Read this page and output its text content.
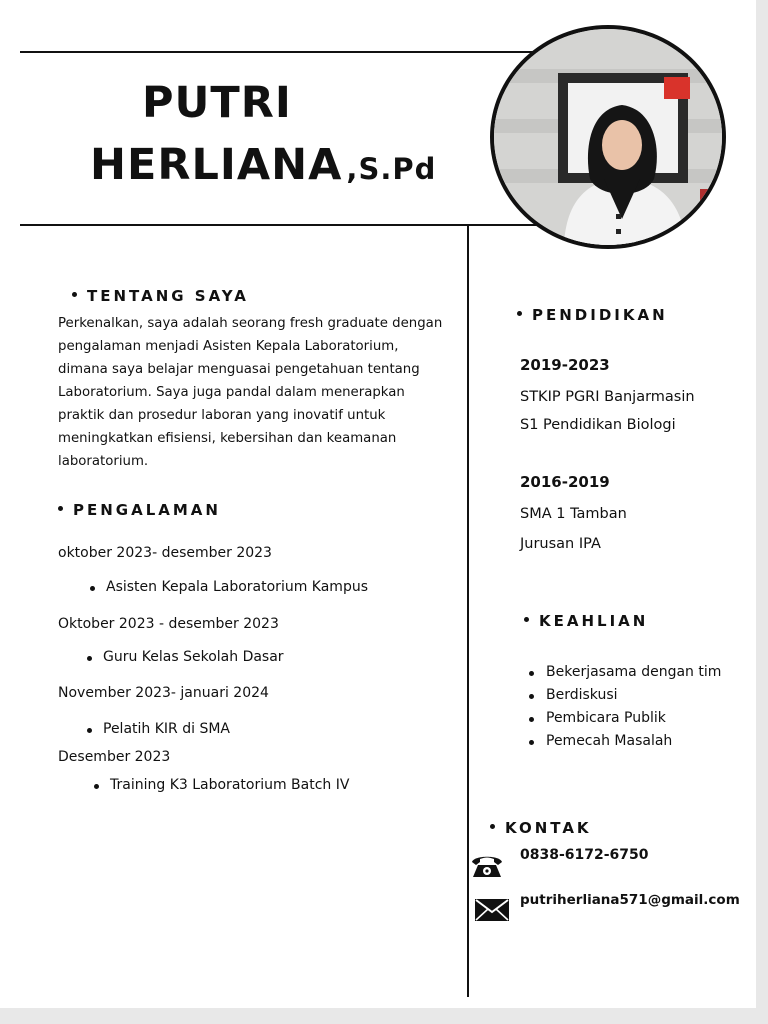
PUTRI
HERLIANA ,S.Pd
TENTANG SAYA
Perkenalkan, saya adalah seorang fresh graduate dengan pengalaman menjadi Asisten Kepala Laboratorium, dimana saya belajar menguasai pengetahuan tentang Laboratorium. Saya juga pandal dalam menerapkan praktik dan prosedur laboran yang inovatif untuk meningkatkan efisiensi, kebersihan dan keamanan laboratorium.
PENGALAMAN
oktober 2023- desember 2023
Asisten Kepala Laboratorium Kampus
Oktober 2023 - desember 2023
Guru Kelas Sekolah Dasar
November 2023- januari 2024
Pelatih KIR di SMA
Desember 2023
Training K3 Laboratorium Batch IV
PENDIDIKAN
2019-2023
STKIP PGRI Banjarmasin
S1 Pendidikan Biologi
2016-2019
SMA 1 Tamban
Jurusan IPA
KEAHLIAN
Bekerjasama dengan tim
Berdiskusi
Pembicara Publik
Pemecah Masalah
KONTAK
0838-6172-6750
putriherliana571@gmail.com
